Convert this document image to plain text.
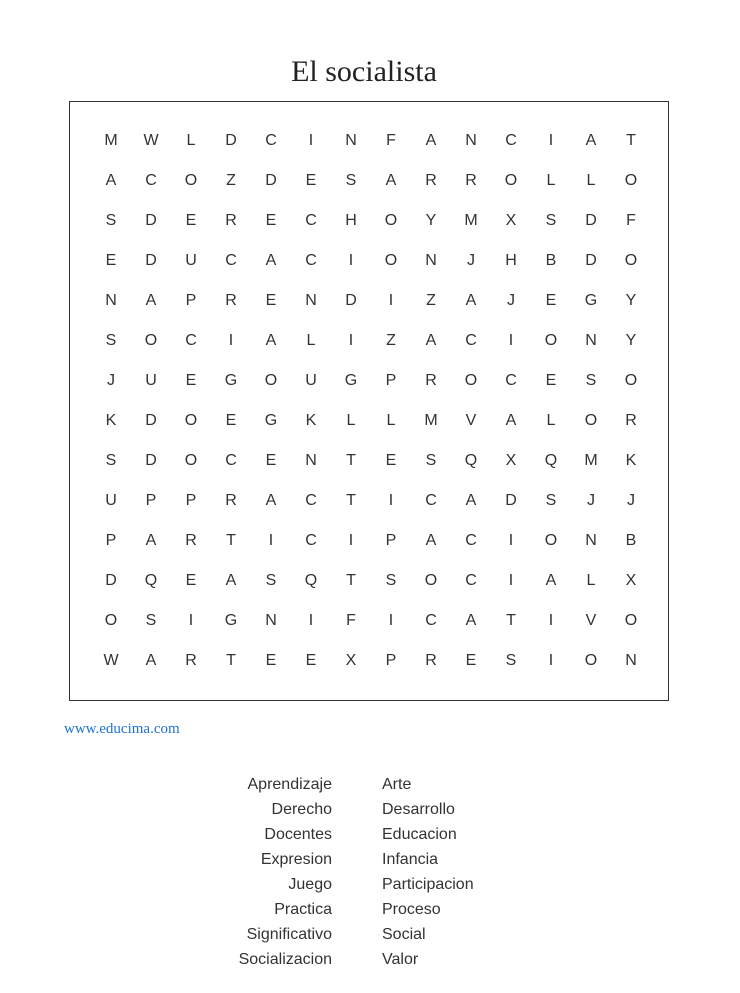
El socialista
M	W	L	D	C	I	N	F	A	N	C	I	A	T
A	C	O	Z	D	E	S	A	R	R	O	L	L	O
S	D	E	R	E	C	H	O	Y	M	X	S	D	F
E	D	U	C	A	C	I	O	N	J	H	B	D	O
N	A	P	R	E	N	D	I	Z	A	J	E	G	Y
S	O	C	I	A	L	I	Z	A	C	I	O	N	Y
J	U	E	G	O	U	G	P	R	O	C	E	S	O
K	D	O	E	G	K	L	L	M	V	A	L	O	R
S	D	O	C	E	N	T	E	S	Q	X	Q	M	K
U	P	P	R	A	C	T	I	C	A	D	S	J	J
P	A	R	T	I	C	I	P	A	C	I	O	N	B
D	Q	E	A	S	Q	T	S	O	C	I	A	L	X
O	S	I	G	N	I	F	I	C	A	T	I	V	O
W	A	R	T	E	E	X	P	R	E	S	I	O	N
www.educima.com
Aprendizaje
Derecho
Docentes
Expresion
Juego
Practica
Significativo
Socializacion
Arte
Desarrollo
Educacion
Infancia
Participacion
Proceso
Social
Valor
